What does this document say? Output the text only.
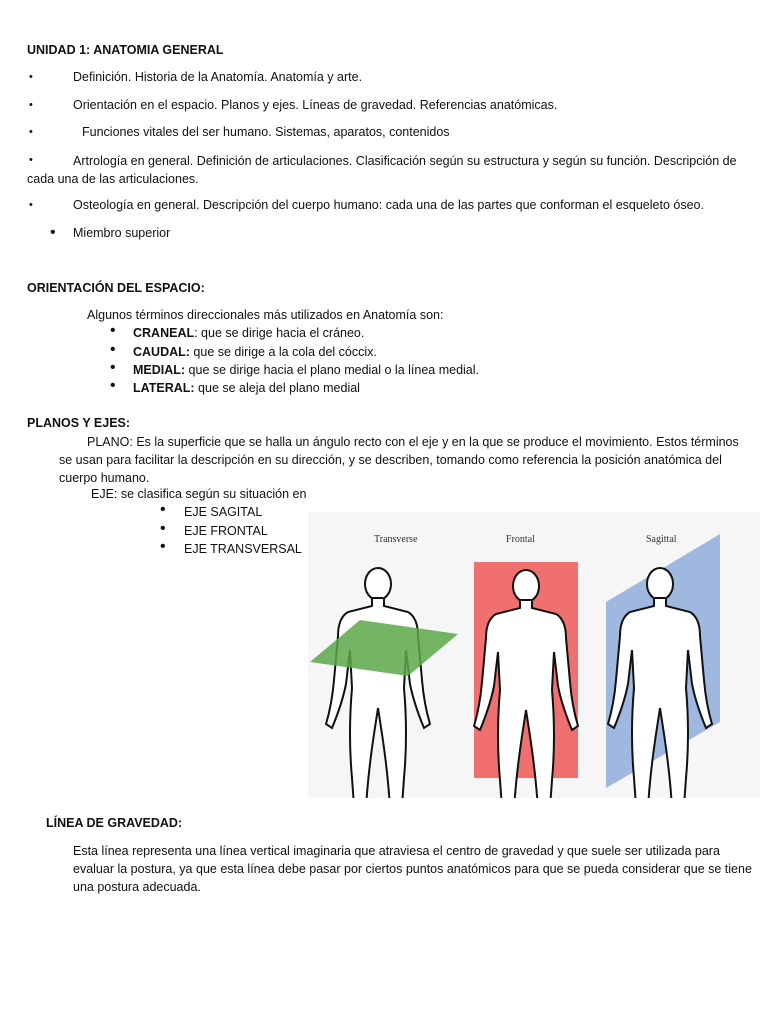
UNIDAD 1: ANATOMIA GENERAL
•	Definición. Historia de la Anatomía. Anatomía y arte.
•	Orientación en el espacio. Planos y ejes. Líneas de gravedad. Referencias anatómicas.
•	Funciones vitales del ser humano. Sistemas, aparatos, contenidos
•	Artrología en general. Definición de articulaciones. Clasificación según su estructura y según su función. Descripción de cada una de las articulaciones.
•	Osteología en general. Descripción del cuerpo humano: cada una de las partes que conforman el esqueleto óseo.
• Miembro superior
ORIENTACIÓN DEL ESPACIO:
Algunos términos direccionales más utilizados en Anatomía son:
• CRANEAL: que se dirige hacia el cráneo.
• CAUDAL: que se dirige a la cola del cóccix.
• MEDIAL: que se dirige hacia el plano medial o la línea medial.
• LATERAL: que se aleja del plano medial
PLANOS Y EJES:
PLANO: Es la superficie que se halla un ángulo recto con el eje y en la que se produce el movimiento. Estos términos se usan para facilitar la descripción en su dirección, y se describen, tomando como referencia la posición anatómica del cuerpo humano.
EJE: se clasifica según su situación en
• EJE SAGITAL
• EJE FRONTAL
• EJE TRANSVERSAL
Transverse	Frontal	Sagittal
LÍNEA DE GRAVEDAD:
Esta línea representa una línea vertical imaginaria que atraviesa el centro de gravedad y que suele ser utilizada para evaluar la postura, ya que esta línea debe pasar por ciertos puntos anatómicos para que se pueda considerar que se tiene una postura adecuada.
